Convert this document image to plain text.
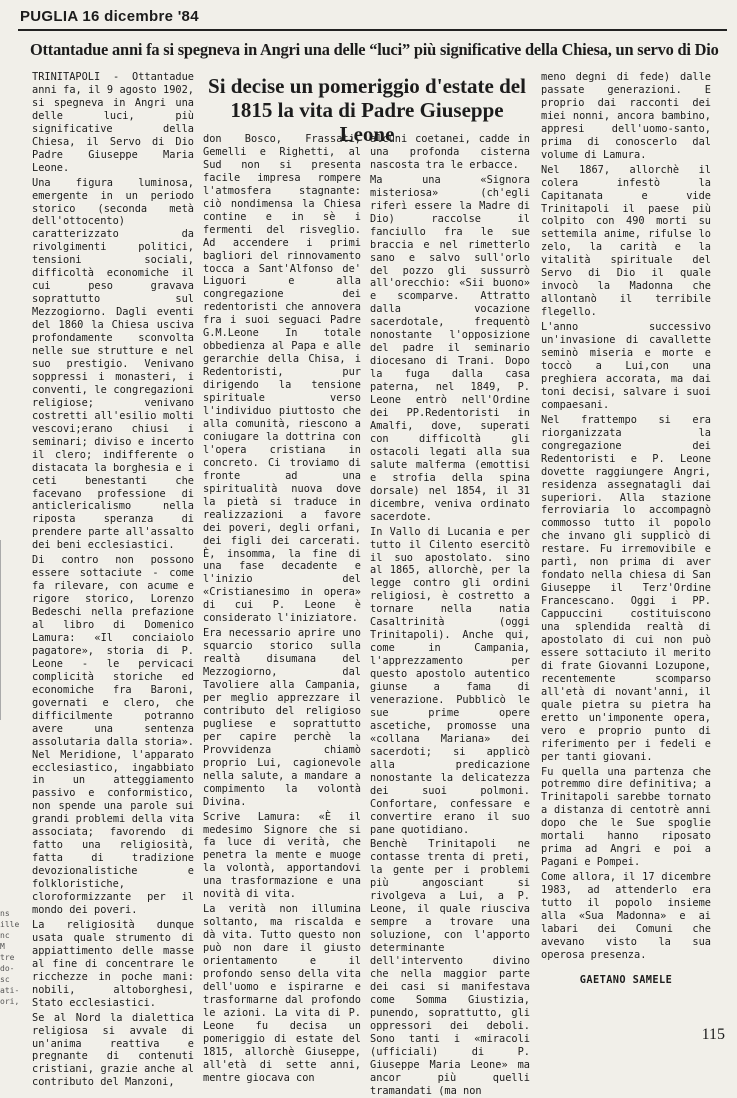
PUGLIA 16 dicembre '84
Ottantadue anni fa si spegneva in Angri una delle “luci” più significative della Chiesa, un servo di Dio
Si decise un pomeriggio d'estate del 1815 la vita di Padre Giuseppe Leone

TRINITAPOLI - Ottantadue anni fa, il 9 agosto 1902, si spegneva in Angri una delle luci, più significative della Chiesa, il Servo di Dio Padre Giuseppe Maria Leone.

Una figura luminosa, emergente in un periodo storico (seconda metà dell'ottocento) caratterizzato da rivolgimenti politici, tensioni sociali, difficoltà economiche il cui peso gravava soprattutto sul Mezzogiorno. Dagli eventi del 1860 la Chiesa usciva profondamente sconvolta nelle sue strutture e nel suo prestigio. Venivano soppressi i monasteri, i conventi, le congregazioni religiose; venivano costretti all'esilio molti vescovi;erano chiusi i seminari; diviso e incerto il clero; indifferente o distacata la borghesia e i ceti benestanti che facevano professione di anticlericalismo nella riposta speranza di prendere parte all'assalto dei beni ecclesiastici.

Di contro non possono essere sottaciute - come fa rilevare, con acume e rigore storico, Lorenzo Bedeschi nella prefazione al libro di Domenico Lamura: «Il conciaiolo pagatore», storia di P. Leone - le pervicaci complicità storiche ed economiche fra Baroni, governati e clero, che difficilmente potranno avere una sentenza assolutaria dalla storia». Nel Meridione, l'apparato ecclesiastico, ingabbiato in un atteggiamento passivo e conformistico, non spende una parole sui grandi problemi della vita associata; favorendo di fatto una religiosità, fatta di tradizione devozionalistiche e folkloristiche, cloroformizzante per il mondo dei poveri.

La religiosità dunque usata quale strumento di appiattimento delle masse al fine di concentrare le ricchezze in poche mani: nobili, altoborghesi, Stato ecclesiastici.

Se al Nord la dialettica religiosa si avvale di un'anima reattiva e pregnante di contenuti cristiani, grazie anche al contributo del Manzoni,

don Bosco, Frassati, Gemelli e Righetti, al Sud non si presenta facile impresa rompere l'atmosfera stagnante: ciò nondimensa la Chiesa contine e in sè i fermenti del risveglio. Ad accendere i primi bagliori del rinnovamento tocca a Sant'Alfonso de' Liguori e alla congregazione dei redentoristi che annovera fra i suoi seguaci Padre G.M.Leone In totale obbedienza al Papa e alle gerarchie della Chisa, i Redentoristi, pur dirigendo la tensione spirituale verso l'individuo piuttosto che alla comunità, riescono a coniugare la dottrina con l'opera cristiana in concreto. Ci troviamo di fronte ad una spiritualità nuova dove la pietà si traduce in realizzazioni a favore dei poveri, degli orfani, dei figli dei carcerati. È, insomma, la fine di una fase decadente e l'inizio del «Cristianesimo in opera» di cui P. Leone è considerato l'iniziatore.

Era necessario aprire uno squarcio storico sulla realtà disumana del Mezzogiorno, dal Tavoliere alla Campania, per meglio apprezzare il contributo del religioso pugliese e soprattutto per capire perchè la Provvidenza chiamò proprio Lui, cagionevole nella salute, a mandare a compimento la volontà Divina.

Scrive Lamura: «È il medesimo Signore che si fa luce di verità, che penetra la mente e muoge la volontà, apportandovi una trasformazione e una novità di vita.

La verità non illumina soltanto, ma riscalda e dà vita. Tutto questo non può non dare il giusto orientamento e il profondo senso della vita dell'uomo e ispirarne e trasformarne dal profondo le azioni. La vita di P. Leone fu decisa un pomeriggio di estate del 1815, allorchè Giuseppe, all'età di sette anni, mentre giocava con

alcuni coetanei, cadde in una profonda cisterna nascosta tra le erbacce.

Ma una «Signora misteriosa» (ch'egli riferì essere la Madre di Dio) raccolse il fanciullo fra le sue braccia e nel rimetterlo sano e salvo sull'orlo del pozzo gli sussurrò all'orecchio: «Sii buono» e scomparve. Attratto dalla vocazione sacerdotale, frequentò nonostante l'opposizione del padre il seminario diocesano di Trani. Dopo la fuga dalla casa paterna, nel 1849, P. Leone entrò nell'Ordine dei PP.Redentoristi in Amalfi, dove, superati con difficoltà gli ostacoli legati alla sua salute malferma (emottisi e strofia della spina dorsale) nel 1854, il 31 dicembre, veniva ordinato sacerdote.

In Vallo di Lucania e per tutto il Cilento esercitò il suo apostolato. sino al 1865, allorchè, per la legge contro gli ordini religiosi, è costretto a tornare nella natia Casaltrinità (oggi Trinitapoli). Anche qui, come in Campania, l'apprezzamento per questo apostolo autentico giunse a fama di venerazione. Pubblicò le sue prime opere ascetiche, promosse una «collana Mariana» dei sacerdoti; si applicò alla predicazione nonostante la delicatezza dei suoi polmoni. Confortare, confessare e convertire erano il suo pane quotidiano.

Benchè Trinitapoli ne contasse trenta di preti, la gente per i problemi più angosciant si rivolgeva a Lui, a P. Leone, il quale riusciva sempre a trovare una soluzione, con l'apporto determinante dell'intervento divino che nella maggior parte dei casi si manifestava come Somma Giustizia, punendo, soprattutto, gli oppressori dei deboli. Sono tanti i «miracoli (ufficiali) di P. Giuseppe Maria Leone» ma ancor più quelli tramandati (ma non

meno degni di fede) dalle passate generazioni. E proprio dai racconti dei miei nonni, ancora bambino, appresi dell'uomo-santo, prima di conoscerlo dal volume di Lamura.

Nel 1867, allorchè il colera infestò la Capitanata e vide Trinitapoli il paese più colpito con 490 morti su settemila anime, rifulse lo zelo, la carità e la vitalità spirituale del Servo di Dio il quale invocò la Madonna che allontanò il terribile flegello.

L'anno successivo un'invasione di cavallette seminò miseria e morte e toccò a Lui,con una preghiera accorata, ma dai toni decisi, salvare i suoi compaesani.

Nel frattempo si era riorganizzata la congregazione dei Redentoristi e P. Leone dovette raggiungere Angri, residenza assegnatagli dai superiori. Alla stazione ferroviaria lo accompagnò commosso tutto il popolo che invano gli supplicò di restare. Fu irremovibile e partì, non prima di aver fondato nella chiesa di San Giuseppe il Terz'Ordine Francescano. Oggi i PP. Cappuccini costituiscono una splendida realtà di apostolato di cui non può essere sottaciuto il merito di frate Giovanni Lozupone, recentemente scomparso all'età di novant'anni, il quale pietra su pietra ha eretto un'imponente opera, vero e proprio punto di riferimento per i fedeli e per tanti giovani.

Fu quella una partenza che potremmo dire definitiva; a Trinitapoli sarebbe tornato a distanza di centotrè anni dopo che le Sue spoglie mortali hanno riposato prima ad Angri e poi a Pagani e Pompei.

Come allora, il 17 dicembre 1983, ad attenderlo era tutto il popolo insieme alla «Sua Madonna» e ai labari dei Comuni che avevano visto la sua operosa presenza.

GAETANO SAMELE

ns
ille
nc
M
tre
do-
sc
ati-
ori,
115
